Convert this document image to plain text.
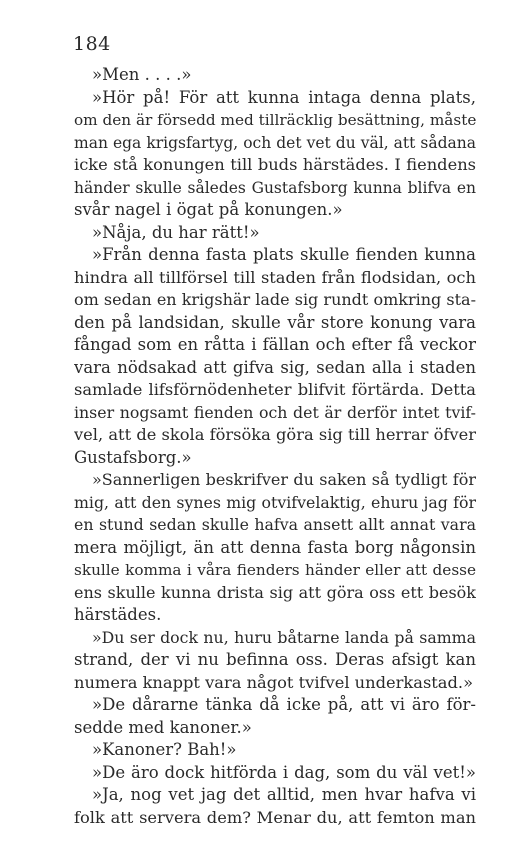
184
»Men . . . .»
»Hör på! För att kunna intaga denna plats,
om den är försedd med tillräcklig besättning, måste
man ega krigsfartyg, och det vet du väl, att sådana
icke stå konungen till buds härstädes. I fiendens
händer skulle således Gustafsborg kunna blifva en
svår nagel i ögat på konungen.»
»Nåja, du har rätt!»
»Från denna fasta plats skulle fienden kunna
hindra all tillförsel till staden från flodsidan, och
om sedan en krigshär lade sig rundt omkring sta-
den på landsidan, skulle vår store konung vara
fångad som en råtta i fällan och efter få veckor
vara nödsakad att gifva sig, sedan alla i staden
samlade lifsförnödenheter blifvit förtärda. Detta
inser nogsamt fienden och det är derför intet tvif-
vel, att de skola försöka göra sig till herrar öfver
Gustafsborg.»
»Sannerligen beskrifver du saken så tydligt för
mig, att den synes mig otvifvelaktig, ehuru jag för
en stund sedan skulle hafva ansett allt annat vara
mera möjligt, än att denna fasta borg någonsin
skulle komma i våra fienders händer eller att desse
ens skulle kunna drista sig att göra oss ett besök
härstädes.
»Du ser dock nu, huru båtarne landa på samma
strand, der vi nu befinna oss. Deras afsigt kan
numera knappt vara något tvifvel underkastad.»
»De dårarne tänka då icke på, att vi äro för-
sedde med kanoner.»
»Kanoner? Bah!»
»De äro dock hitförda i dag, som du väl vet!»
»Ja, nog vet jag det alltid, men hvar hafva vi
folk att servera dem? Menar du, att femton man
